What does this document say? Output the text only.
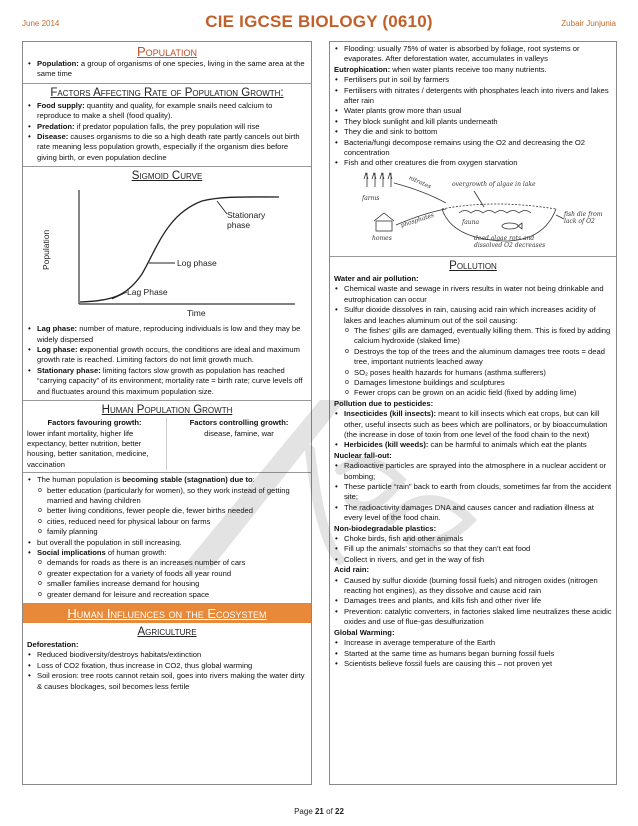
June 2014	CIE IGCSE BIOLOGY (0610)	Zubair Junjunia
Population
• Population: a group of organisms of one species, living in the same area at the same time
Factors Affecting Rate of Population Growth:
• Food supply: quantity and quality, for example snails need calcium to reproduce to make a shell (food quality).
• Predation: if predator population falls, the prey population will rise
• Disease: causes organisms to die so a high death rate partly cancels out birth rate meaning less population growth, especially if the organism dies before giving birth, or even population decline
Sigmoid Curve
Population
Stationary phase
Log phase
Lag Phase
Time
• Lag phase: number of mature, reproducing individuals is low and they may be widely dispersed
• Log phase: exponential growth occurs, the conditions are ideal and maximum growth rate is reached. Limiting factors do not limit growth much.
• Stationary phase: limiting factors slow growth as population has reached “carrying capacity” of its environment; mortality rate = birth rate; curve levels off and fluctuates around this maximum population size.
Human Population Growth
Factors favouring growth:
lower infant mortality, higher life expectancy, better nutrition, better housing, better sanitation, medicine, vaccination
Factors controlling growth:
disease, famine, war
• The human population is becoming stable (stagnation) due to:
o better education (particularly for women), so they work instead of getting married and having children
o better living conditions, fewer people die, fewer births needed
o cities, reduced need for physical labour on farms
o family planning
• but overall the population in still increasing.
• Social implications of human growth:
o demands for roads as there is an increases number of cars
o greater expectation for a variety of foods all year round
o smaller families increase demand for housing
o greater demand for leisure and recreation space
Human Influences on the Ecosystem
Agriculture

Deforestation:

• Reduced biodiversity/destroys habitats/extinction
• Loss of CO2 fixation, thus increase in CO2, thus global warming
• Soil erosion: tree roots cannot retain soil, goes into rivers making the water dirty & causes blockages, soil becomes less fertile
• Flooding: usually 75% of water is absorbed by foliage, root systems or evaporates. After deforestation water, accumulates in valleys

Eutrophication: when water plants receive too many nutrients.

• Fertilisers put in soil by farmers
• Fertilisers with nitrates / detergents with phosphates leach into rivers and lakes after rain
• Water plants grow more than usual
• They block sunlight and kill plants underneath
• They die and sink to bottom
• Bacteria/fungi decompose remains using the O2 and decreasing the O2 concentration
• Fish and other creatures die from oxygen starvation
farms
homes
nitrates
phosphates
overgrowth of algae in lake
fauna
fish die from lack of O2
dead algae rots and dissolved O2 decreases
Pollution

Water and air pollution:

• Chemical waste and sewage in rivers results in water not being drinkable and eutrophication can occur
• Sulfur dioxide dissolves in rain, causing acid rain which increases acidity of lakes and leaches aluminum out of the soil causing:
o The fishes’ gills are damaged, eventually killing them. This is fixed by adding calcium hydroxide (slaked lime)
o Destroys the top of the trees and the aluminum damages tree roots = dead tree, important nutrients leached away
o SO₂ poses health hazards for humans (asthma sufferers)
o Damages limestone buildings and sculptures
o Fewer crops can be grown on an acidic field (fixed by adding lime)

Pollution due to pesticides:

• Insecticides (kill insects): meant to kill insects which eat crops, but can kill other, useful insects such as bees which are pollinators, or by bioaccumulation (the increase in dose of toxin from one level of the food chain to the next)
• Herbicides (kill weeds): can be harmful to animals which eat the plants

Nuclear fall-out:

• Radioactive particles are sprayed into the atmosphere in a nuclear accident or bombing;
• These particle “rain” back to earth from clouds, sometimes far from the accident site;
• The radioactivity damages DNA and causes cancer and radiation illness at every level of the food chain.

Non-biodegradable plastics:

• Choke birds, fish and other animals
• Fill up the animals’ stomachs so that they can’t eat food
• Collect in rivers, and get in the way of fish

Acid rain:

• Caused by sulfur dioxide (burning fossil fuels) and nitrogen oxides (nitrogen reacting hot engines), as they dissolve and cause acid rain
• Damages trees and plants, and kills fish and other river life
• Prevention: catalytic converters, in factories slaked lime neutralizes these acidic oxides and use of flue-gas desulfurization

Global Warming:

• Increase in average temperature of the Earth
• Started at the same time as humans began burning fossil fuels
• Scientists believe fossil fuels are causing this – not proven yet
Page 21 of 22
